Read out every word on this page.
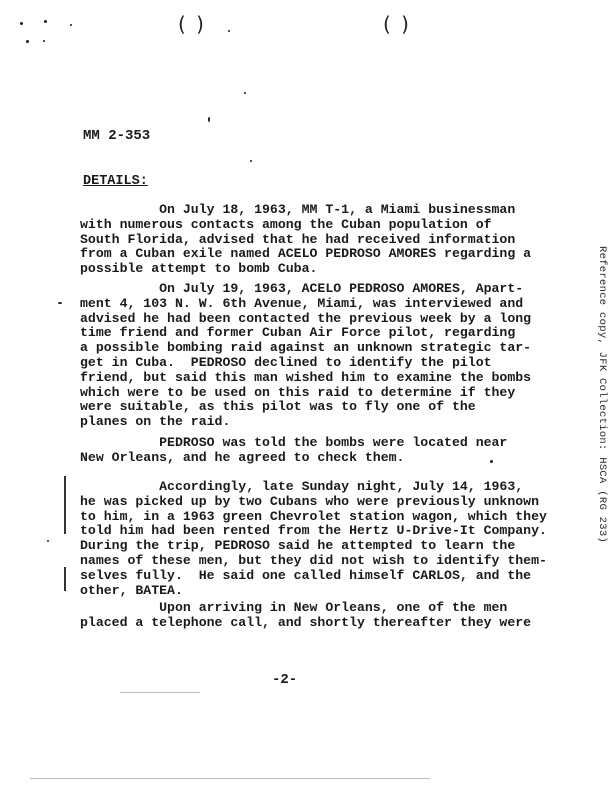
( )	( )
MM 2-353
DETAILS:
On July 18, 1963, MM T-1, a Miami businessman
with numerous contacts among the Cuban population of
South Florida, advised that he had received information
from a Cuban exile named ACELO PEDROSO AMORES regarding a
possible attempt to bomb Cuba.
On July 19, 1963, ACELO PEDROSO AMORES, Apart-
ment 4, 103 N. W. 6th Avenue, Miami, was interviewed and
advised he had been contacted the previous week by a long
time friend and former Cuban Air Force pilot, regarding
a possible bombing raid against an unknown strategic tar-
get in Cuba.  PEDROSO declined to identify the pilot
friend, but said this man wished him to examine the bombs
which were to be used on this raid to determine if they
were suitable, as this pilot was to fly one of the
planes on the raid.
PEDROSO was told the bombs were located near
New Orleans, and he agreed to check them.
Accordingly, late Sunday night, July 14, 1963,
he was picked up by two Cubans who were previously unknown
to him, in a 1963 green Chevrolet station wagon, which they
told him had been rented from the Hertz U-Drive-It Company.
During the trip, PEDROSO said he attempted to learn the
names of these men, but they did not wish to identify them-
selves fully.  He said one called himself CARLOS, and the
other, BATEA.
Upon arriving in New Orleans, one of the men
placed a telephone call, and shortly thereafter they were
-2-
Reference copy, JFK Collection: HSCA (RG 233)
